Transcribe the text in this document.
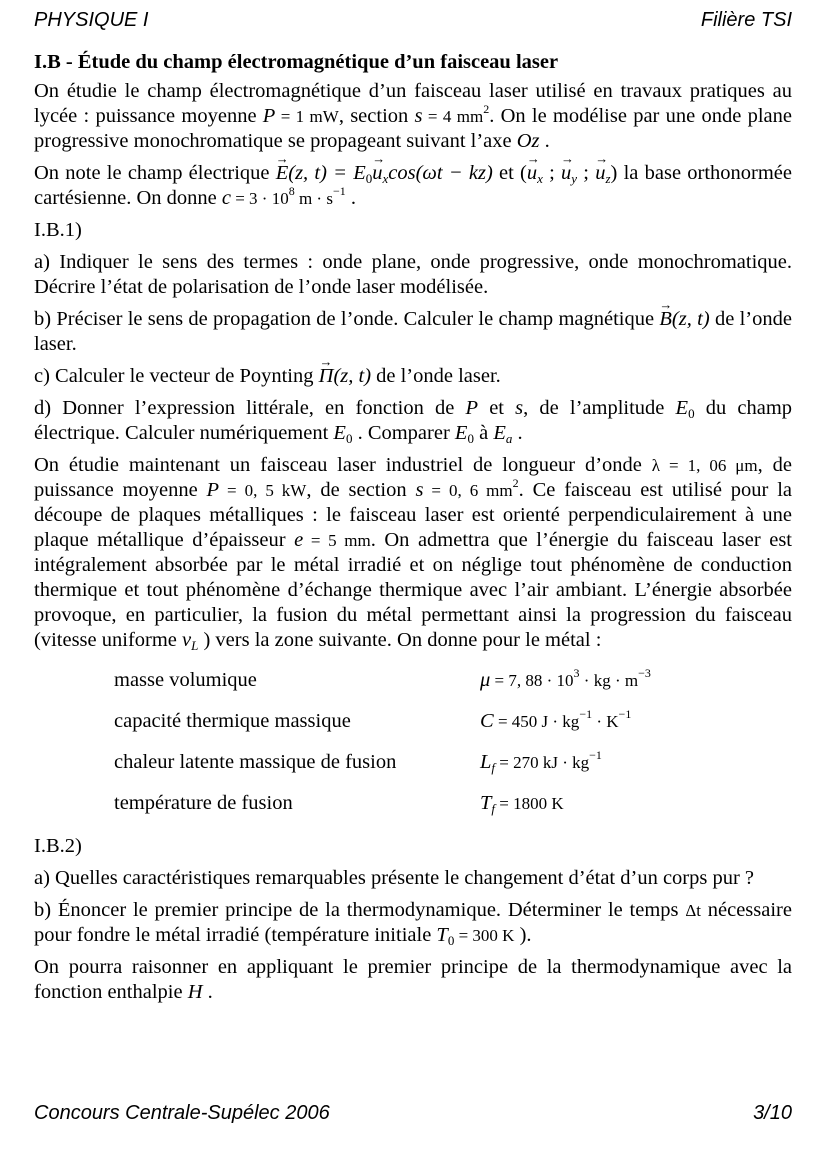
PHYSIQUE I	Filière TSI
I.B - Étude du champ électromagnétique d’un faisceau laser

On étudie le champ électromagnétique d’un faisceau laser utilisé en travaux pratiques au lycée : puissance moyenne P = 1 mW, section s = 4 $mm^2$. On le modélise par une onde plane progressive monochromatique se propageant suivant l’axe Oz .

On note le champ électrique → E(z, $t) = E_0\to u_x\cos(\omega t - kz)$ et (→ $u_x$ ; → $u_y$ ; → $u_z$) la base orthonormée cartésienne. On donne $c = 3 \cdot 10^8$ $m \cdot s^{-1}$ .

I.B.1)

a) Indiquer le sens des termes : onde plane, onde progressive, onde monochromatique. Décrire l’état de polarisation de l’onde laser modélisée.

b) Préciser le sens de propagation de l’onde. Calculer le champ magnétique → B(z, t) de l’onde laser.

c) Calculer le vecteur de Poynting → Π(z, t) de l’onde laser.

d) Donner l’expression littérale, en fonction de P et s, de l’amplitude $E_0$ du champ électrique. Calculer numériquement $E_0$ . Comparer $E_0$ à $E_a$ .

On étudie maintenant un faisceau laser industriel de longueur d’onde λ = 1, 06 μm, de puissance moyenne P = 0, 5 kW, de section s = 0, 6 $mm^2$. Ce faisceau est utilisé pour la découpe de plaques métalliques : le faisceau laser est orienté perpendiculairement à une plaque métallique d’épaisseur e = 5 mm. On admettra que l’énergie du faisceau laser est intégralement absorbée par le métal irradié et on néglige tout phénomène de conduction thermique et tout phénomène d’échange thermique avec l’air ambiant. L’énergie absorbée provoque, en particulier, la fusion du métal permettant ainsi la progression du faisceau (vitesse uniforme $v_L$ ) vers la zone suivante. On donne pour le métal :

masse volumique	μ = 7, $88 \cdot 10^3$ · kg · $m^{-3}$
capacité thermique massique	C = 450 $J \cdot kg^{-1} \cdot K^{-1}$
chaleur latente massique de fusion	$L_f = 270$ kJ · $kg^{-1}$
température de fusion	$T_f = 1800$ K
I.B.2)

a) Quelles caractéristiques remarquables présente le changement d’état d’un corps pur ?

b) Énoncer le premier principe de la thermodynamique. Déterminer le temps Δt nécessaire pour fondre le métal irradié (température initiale $T_0 = 300$ K ).

On pourra raisonner en appliquant le premier principe de la thermodynamique avec la fonction enthalpie H .

Concours Centrale-Supélec 2006	3/10
